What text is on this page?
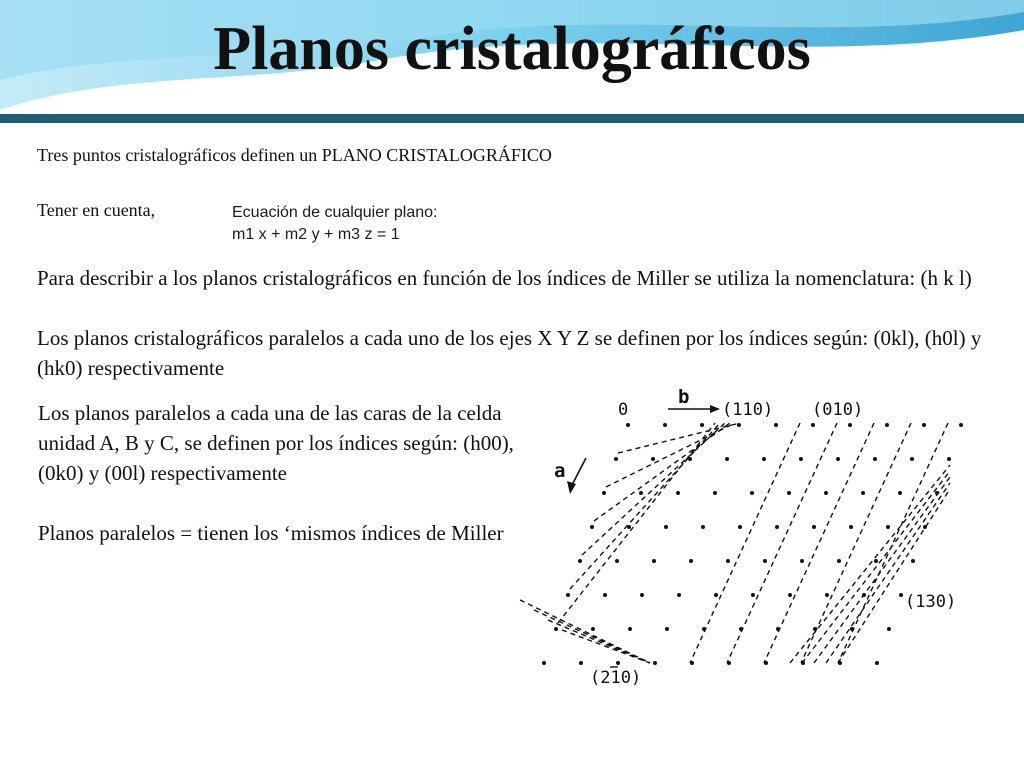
Planos cristalográficos
Tres puntos cristalográficos definen un PLANO CRISTALOGRÁFICO
Tener en cuenta,	Ecuación de cualquier plano:
m1 x + m2 y + m3 z = 1

Para describir a los planos cristalográficos en función de los índices de Miller se utiliza la nomenclatura: (h k l)

Los planos cristalográficos paralelos a cada uno de los ejes X Y Z se definen por los índices según: (0kl), (h0l) y (hk0) respectivamente

Los planos paralelos a cada una de las caras de la celda unidad A, B y C, se definen por los índices según: (h00), (0k0) y (00l) respectivamente

Planos paralelos = tienen los ‘mismos índices de Miller

0
b
a
(110) (010)
(130)
(210)
